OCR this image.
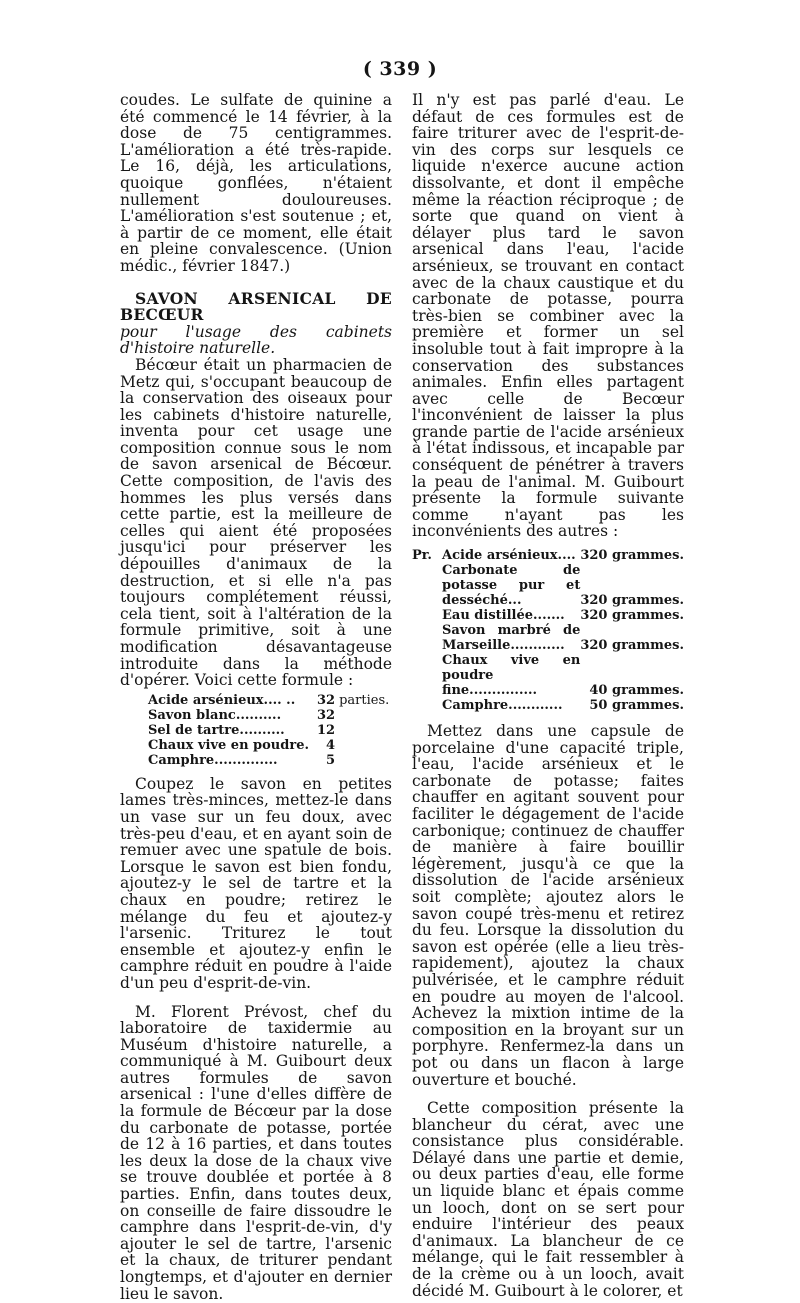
( 339 )

coudes. Le sulfate de quinine a été commencé le 14 février, à la dose de 75 centigrammes. L'amélioration a été très-rapide. Le 16, déjà, les articulations, quoique gonflées, n'étaient nullement douloureuses. L'amélioration s'est soutenue ; et, à partir de ce moment, elle était en pleine convalescence. (Union médic., février 1847.)

SAVON ARSENICAL DE BECŒUR

pour l'usage des cabinets d'histoire naturelle.

Bécœur était un pharmacien de Metz qui, s'occupant beaucoup de la conservation des oiseaux pour les cabinets d'histoire naturelle, inventa pour cet usage une composition connue sous le nom de savon arsenical de Bécœur. Cette composition, de l'avis des hommes les plus versés dans cette partie, est la meilleure de celles qui aient été proposées jusqu'ici pour préserver les dépouilles d'animaux de la destruction, et si elle n'a pas toujours complétement réussi, cela tient, soit à l'altération de la formule primitive, soit à une modification désavantageuse introduite dans la méthode d'opérer. Voici cette formule :

Acide arsénieux.... ..	32	parties.
Savon blanc..........	32	
Sel de tartre..........	12	
Chaux vive en poudre.	4	
Camphre..............	5	

Coupez le savon en petites lames très-minces, mettez-le dans un vase sur un feu doux, avec très-peu d'eau, et en ayant soin de remuer avec une spatule de bois. Lorsque le savon est bien fondu, ajoutez-y le sel de tartre et la chaux en poudre; retirez le mélange du feu et ajoutez-y l'arsenic. Triturez le tout ensemble et ajoutez-y enfin le camphre réduit en poudre à l'aide d'un peu d'esprit-de-vin.

M. Florent Prévost, chef du laboratoire de taxidermie au Muséum d'histoire naturelle, a communiqué à M. Guibourt deux autres formules de savon arsenical : l'une d'elles diffère de la formule de Bécœur par la dose du carbonate de potasse, portée de 12 à 16 parties, et dans toutes les deux la dose de la chaux vive se trouve doublée et portée à 8 parties. Enfin, dans toutes deux, on conseille de faire dissoudre le camphre dans l'esprit-de-vin, d'y ajouter le sel de tartre, l'arsenic et la chaux, de triturer pendant longtemps, et d'ajouter en dernier lieu le savon.

Il n'y est pas parlé d'eau. Le défaut de ces formules est de faire triturer avec de l'esprit-de-vin des corps sur lesquels ce liquide n'exerce aucune action dissolvante, et dont il empêche même la réaction réciproque ; de sorte que quand on vient à délayer plus tard le savon arsenical dans l'eau, l'acide arsénieux, se trouvant en contact avec de la chaux caustique et du carbonate de potasse, pourra très-bien se combiner avec la première et former un sel insoluble tout à fait impropre à la conservation des substances animales. Enfin elles partagent avec celle de Becœur l'inconvénient de laisser la plus grande partie de l'acide arsénieux à l'état indissous, et incapable par conséquent de pénétrer à travers la peau de l'animal. M. Guibourt présente la formule suivante comme n'ayant pas les inconvénients des autres :

Pr.	Acide arsénieux....	320 grammes.
	Carbonate de potasse pur et desséché...	320 grammes.
	Eau distillée.......	320 grammes.
	Savon marbré de Marseille............	320 grammes.
	Chaux vive en poudre fine...............	40 grammes.
	Camphre............	50 grammes.

Mettez dans une capsule de porcelaine d'une capacité triple, l'eau, l'acide arsénieux et le carbonate de potasse; faites chauffer en agitant souvent pour faciliter le dégagement de l'acide carbonique; continuez de chauffer de manière à faire bouillir légèrement, jusqu'à ce que la dissolution de l'acide arsénieux soit complète; ajoutez alors le savon coupé très-menu et retirez du feu. Lorsque la dissolution du savon est opérée (elle a lieu très-rapidement), ajoutez la chaux pulvérisée, et le camphre réduit en poudre au moyen de l'alcool. Achevez la mixtion intime de la composition en la broyant sur un porphyre. Renfermez-la dans un pot ou dans un flacon à large ouverture et bouché.

Cette composition présente la blancheur du cérat, avec une consistance plus considérable. Délayé dans une partie et demie, ou deux parties d'eau, elle forme un liquide blanc et épais comme un looch, dont on se sert pour enduire l'intérieur des peaux d'animaux. La blancheur de ce mélange, qui le fait ressembler à de la crème ou à un looch, avait décidé M. Guibourt à le colorer, et
